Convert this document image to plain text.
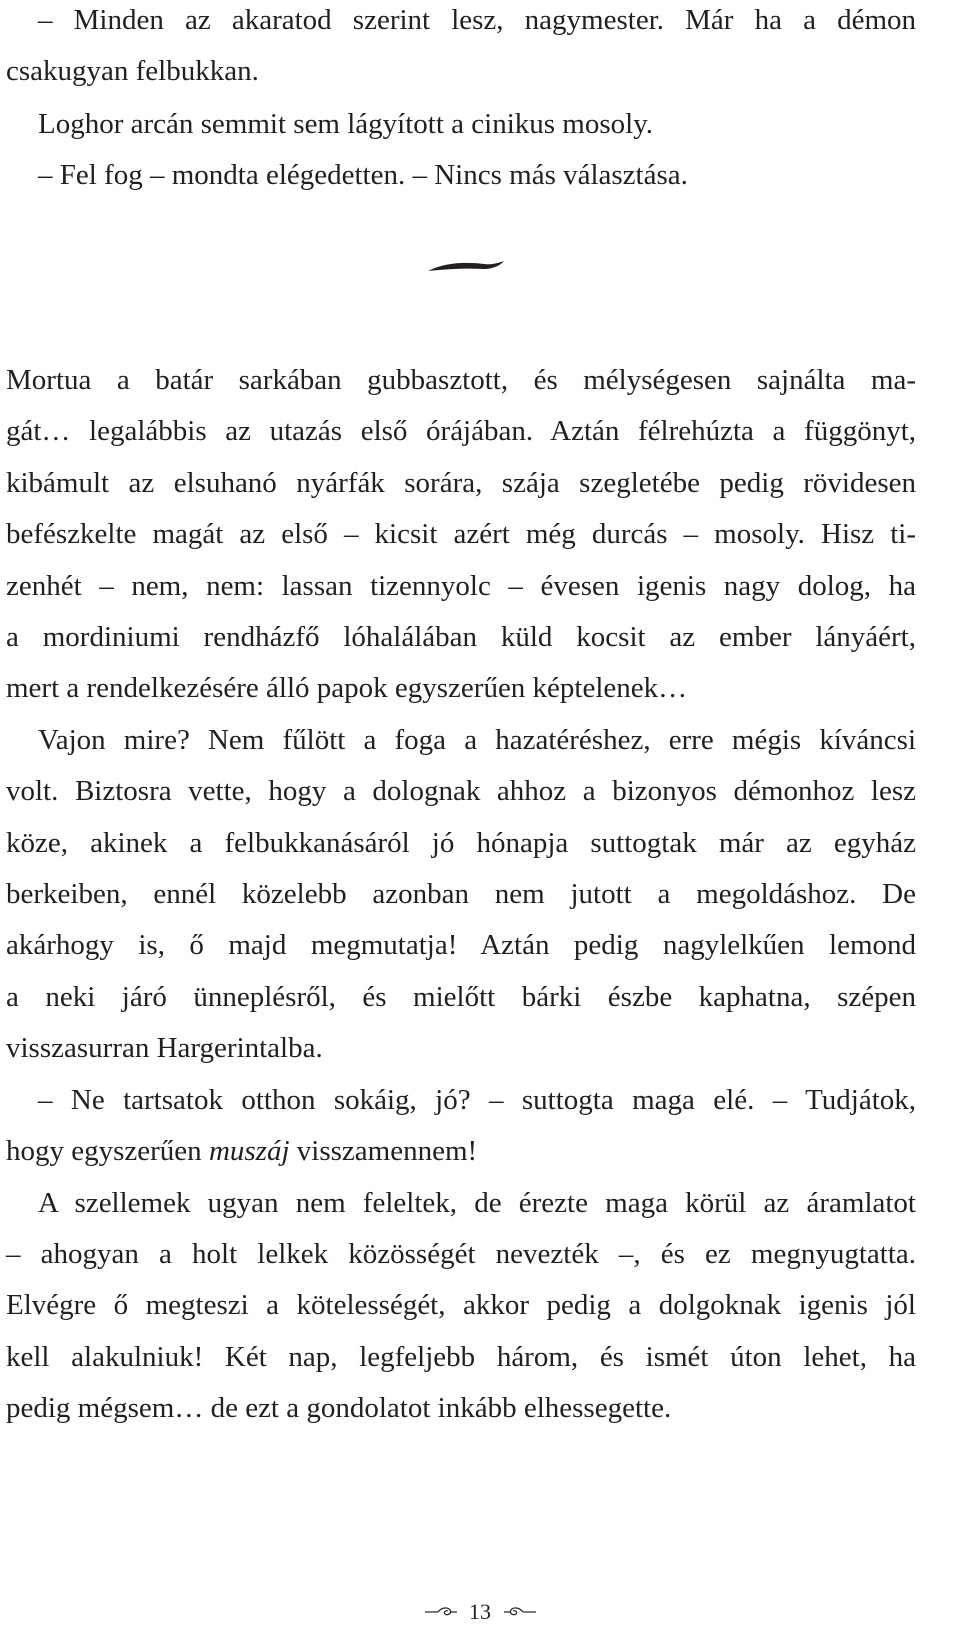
– Minden az akaratod szerint lesz, nagymester. Már ha a démon
csakugyan felbukkan.
Loghor arcán semmit sem lágyított a cinikus mosoly.
– Fel fog – mondta elégedetten. – Nincs más választása.
Mortua a batár sarkában gubbasztott, és mélységesen sajnálta ma-
gát… legalábbis az utazás első órájában. Aztán félrehúzta a függönyt,
kibámult az elsuhanó nyárfák sorára, szája szegletébe pedig rövidesen
befészkelte magát az első – kicsit azért még durcás – mosoly. Hisz ti-
zenhét – nem, nem: lassan tizennyolc – évesen igenis nagy dolog, ha
a mordiniumi rendházfő lóhalálában küld kocsit az ember lányáért,
mert a rendelkezésére álló papok egyszerűen képtelenek…
Vajon mire? Nem fűlött a foga a hazatéréshez, erre mégis kíváncsi
volt. Biztosra vette, hogy a dolognak ahhoz a bizonyos démonhoz lesz
köze, akinek a felbukkanásáról jó hónapja suttogtak már az egyház
berkeiben, ennél közelebb azonban nem jutott a megoldáshoz. De
akárhogy is, ő majd megmutatja! Aztán pedig nagylelkűen lemond
a neki járó ünneplésről, és mielőtt bárki észbe kaphatna, szépen
visszasurran Hargerintalba.
– Ne tartsatok otthon sokáig, jó? – suttogta maga elé. – Tudjátok,
hogy egyszerűen muszáj visszamennem!
A szellemek ugyan nem feleltek, de érezte maga körül az áramlatot
– ahogyan a holt lelkek közösségét nevezték –, és ez megnyugtatta.
Elvégre ő megteszi a kötelességét, akkor pedig a dolgoknak igenis jól
kell alakulniuk! Két nap, legfeljebb három, és ismét úton lehet, ha
pedig mégsem… de ezt a gondolatot inkább elhessegette.
13
